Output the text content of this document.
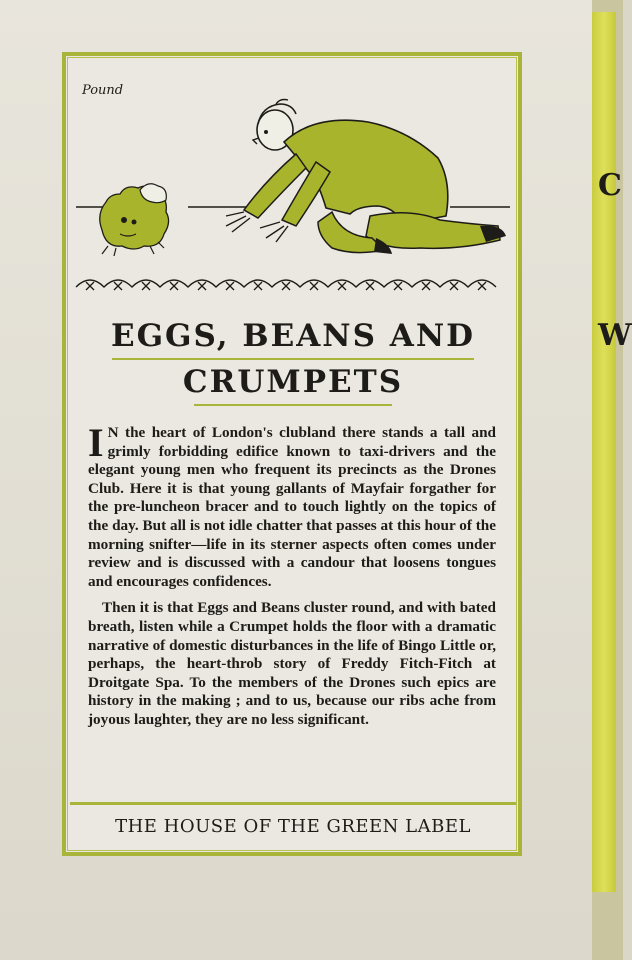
C
W
Pound
EGGS, BEANS AND
CRUMPETS

I N the heart of London's clubland there stands a tall and grimly forbidding edifice known to taxi-drivers and the elegant young men who frequent its precincts as the Drones Club. Here it is that young gallants of Mayfair forgather for the pre-luncheon bracer and to touch lightly on the topics of the day. But all is not idle chatter that passes at this hour of the morning snifter—life in its sterner aspects often comes under review and is discussed with a candour that loosens tongues and encourages confidences.

Then it is that Eggs and Beans cluster round, and with bated breath, listen while a Crumpet holds the floor with a dramatic narrative of domestic disturbances in the life of Bingo Little or, perhaps, the heart-throb story of Freddy Fitch-Fitch at Droitgate Spa. To the members of the Drones such epics are history in the making ; and to us, because our ribs ache from joyous laughter, they are no less significant.

THE HOUSE OF THE GREEN LABEL
